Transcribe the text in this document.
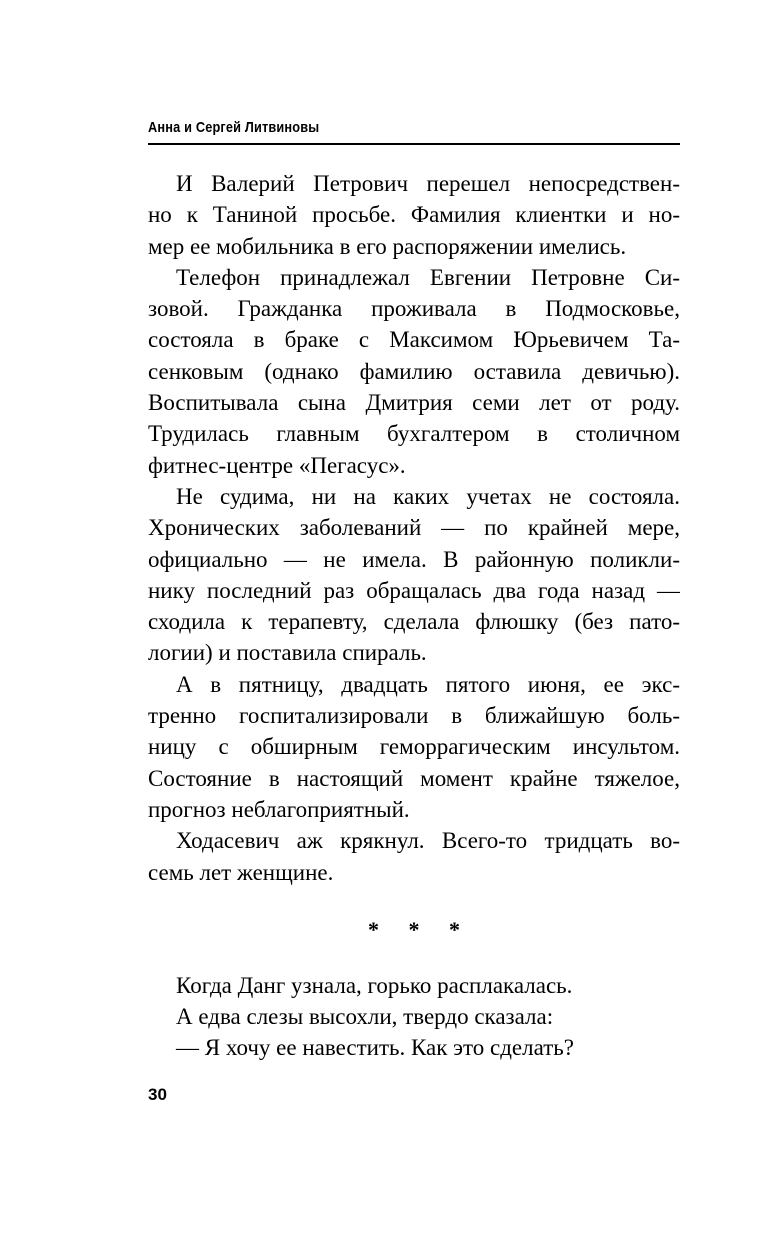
Анна и Сергей Литвиновы
И Валерий Петрович перешел непосредствен-
но к Таниной просьбе. Фамилия клиентки и но-
мер ее мобильника в его распоряжении имелись.
Телефон принадлежал Евгении Петровне Си-
зовой. Гражданка проживала в Подмосковье,
состояла в браке с Максимом Юрьевичем Та-
сенковым (однако фамилию оставила девичью).
Воспитывала сына Дмитрия семи лет от роду.
Трудилась главным бухгалтером в столичном
фитнес-центре «Пегасус».
Не судима, ни на каких учетах не состояла.
Хронических заболеваний — по крайней мере,
официально — не имела. В районную поликли-
нику последний раз обращалась два года назад —
сходила к терапевту, сделала флюшку (без пато-
логии) и поставила спираль.
А в пятницу, двадцать пятого июня, ее экс-
тренно госпитализировали в ближайшую боль-
ницу с обширным геморрагическим инсультом.
Состояние в настоящий момент крайне тяжелое,
прогноз неблагоприятный.
Ходасевич аж крякнул. Всего-то тридцать во-
семь лет женщине.
* * *
Когда Данг узнала, горько расплакалась.
А едва слезы высохли, твердо сказала:
— Я хочу ее навестить. Как это сделать?
30
